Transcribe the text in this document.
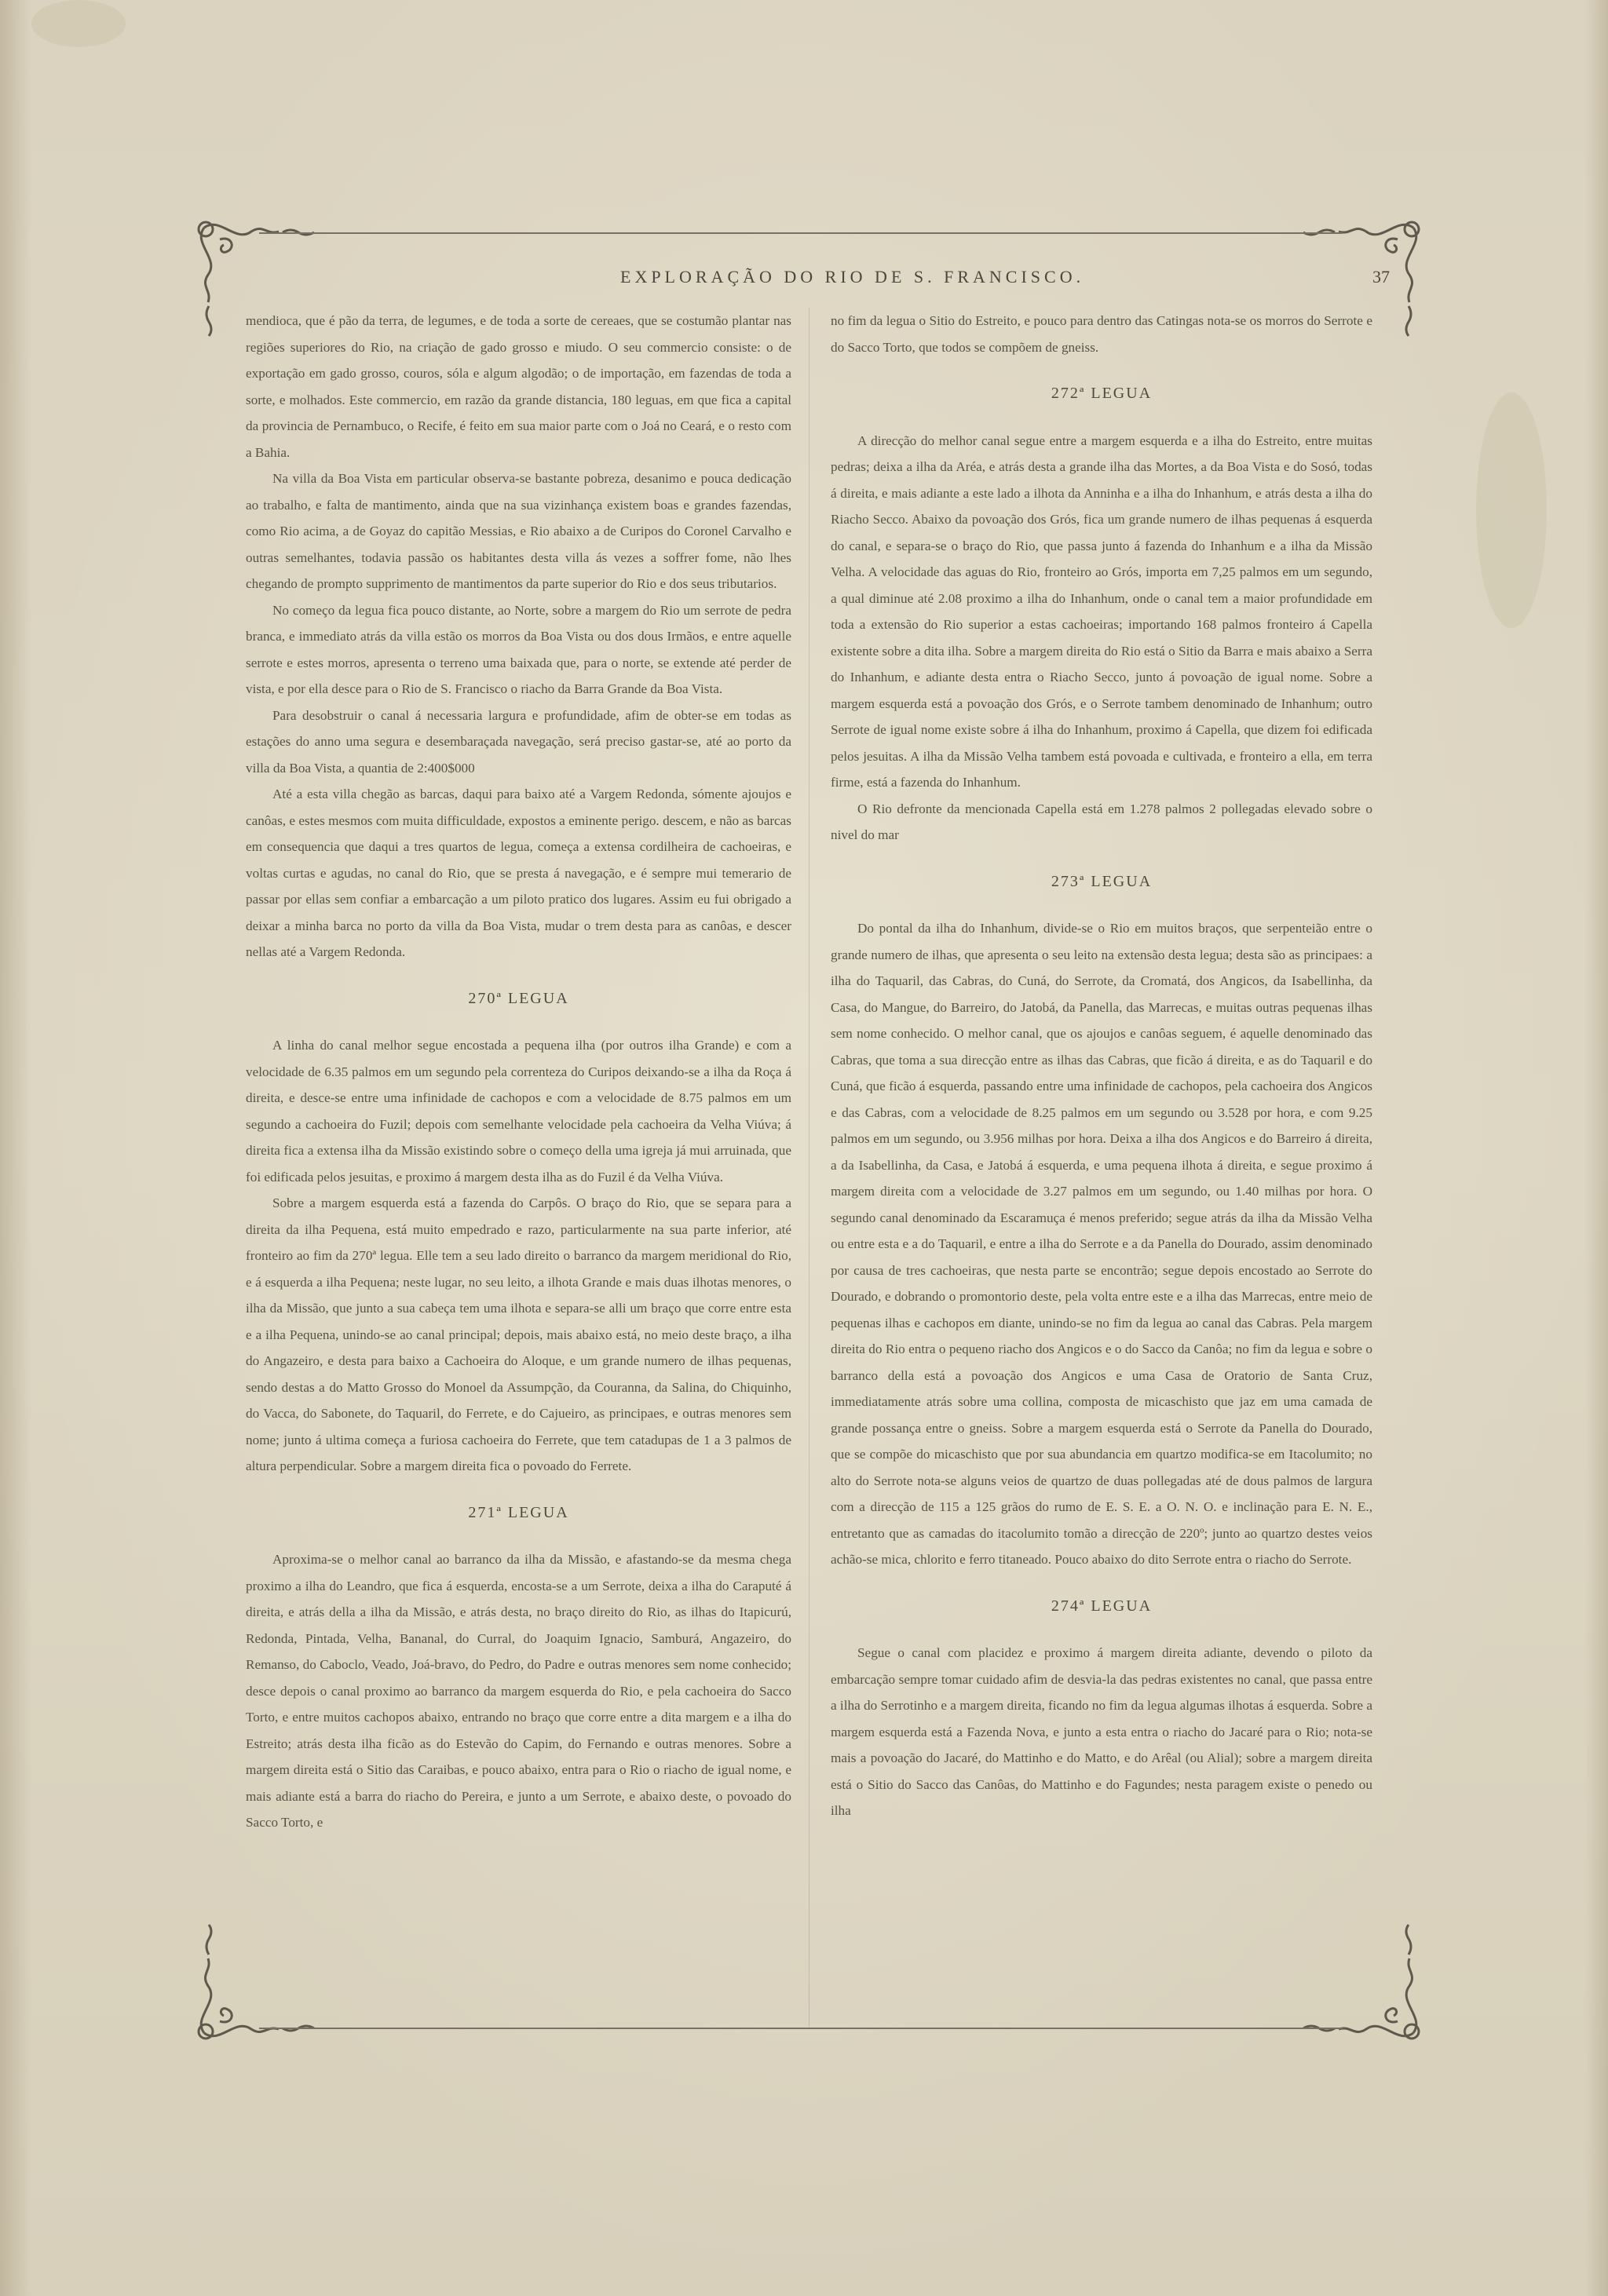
EXPLORAÇÃO DO RIO DE S. FRANCISCO.	37

mendioca, que é pão da terra, de legumes, e de toda a sorte de cereaes, que se costumão plantar nas regiões superiores do Rio, na criação de gado grosso e miudo. O seu commercio consiste: o de exportação em gado grosso, couros, sóla e algum algodão; o de importação, em fazendas de toda a sorte, e molhados. Este commercio, em razão da grande distancia, 180 leguas, em que fica a capital da provincia de Pernambuco, o Recife, é feito em sua maior parte com o Joá no Ceará, e o resto com a Bahia.

Na villa da Boa Vista em particular observa-se bastante pobreza, desanimo e pouca dedicação ao trabalho, e falta de mantimento, ainda que na sua vizinhança existem boas e grandes fazendas, como Rio acima, a de Goyaz do capitão Messias, e Rio abaixo a de Curipos do Coronel Carvalho e outras semelhantes, todavia passão os habitantes desta villa ás vezes a soffrer fome, não lhes chegando de prompto supprimento de mantimentos da parte superior do Rio e dos seus tributarios.

No começo da legua fica pouco distante, ao Norte, sobre a margem do Rio um serrote de pedra branca, e immediato atrás da villa estão os morros da Boa Vista ou dos dous Irmãos, e entre aquelle serrote e estes morros, apresenta o terreno uma baixada que, para o norte, se extende até perder de vista, e por ella desce para o Rio de S. Francisco o riacho da Barra Grande da Boa Vista.

Para desobstruir o canal á necessaria largura e profundidade, afim de obter-se em todas as estações do anno uma segura e desembaraçada navegação, será preciso gastar-se, até ao porto da villa da Boa Vista, a quantia de 2:400$000

Até a esta villa chegão as barcas, daqui para baixo até a Vargem Redonda, sómente ajoujos e canôas, e estes mesmos com muita difficuldade, expostos a eminente perigo. descem, e não as barcas em consequencia que daqui a tres quartos de legua, começa a extensa cordilheira de cachoeiras, e voltas curtas e agudas, no canal do Rio, que se presta á navegação, e é sempre mui temerario de passar por ellas sem confiar a embarcação a um piloto pratico dos lugares. Assim eu fui obrigado a deixar a minha barca no porto da villa da Boa Vista, mudar o trem desta para as canôas, e descer nellas até a Vargem Redonda.

270ª LEGUA

A linha do canal melhor segue encostada a pequena ilha (por outros ilha Grande) e com a velocidade de 6.35 palmos em um segundo pela correnteza do Curipos deixando-se a ilha da Roça á direita, e desce-se entre uma infinidade de cachopos e com a velocidade de 8.75 palmos em um segundo a cachoeira do Fuzil; depois com semelhante velocidade pela cachoeira da Velha Viúva; á direita fica a extensa ilha da Missão existindo sobre o começo della uma igreja já mui arruinada, que foi edificada pelos jesuitas, e proximo á margem desta ilha as do Fuzil é da Velha Viúva.

Sobre a margem esquerda está a fazenda do Carpôs. O braço do Rio, que se separa para a direita da ilha Pequena, está muito empedrado e razo, particularmente na sua parte inferior, até fronteiro ao fim da 270ª legua. Elle tem a seu lado direito o barranco da margem meridional do Rio, e á esquerda a ilha Pequena; neste lugar, no seu leito, a ilhota Grande e mais duas ilhotas menores, o ilha da Missão, que junto a sua cabeça tem uma ilhota e separa-se alli um braço que corre entre esta e a ilha Pequena, unindo-se ao canal principal; depois, mais abaixo está, no meio deste braço, a ilha do Angazeiro, e desta para baixo a Cachoeira do Aloque, e um grande numero de ilhas pequenas, sendo destas a do Matto Grosso do Monoel da Assumpção, da Couranna, da Salina, do Chiquinho, do Vacca, do Sabonete, do Taquaril, do Ferrete, e do Cajueiro, as principaes, e outras menores sem nome; junto á ultima começa a furiosa cachoeira do Ferrete, que tem catadupas de 1 a 3 palmos de altura perpendicular. Sobre a margem direita fica o povoado do Ferrete.

271ª LEGUA

Aproxima-se o melhor canal ao barranco da ilha da Missão, e afastando-se da mesma chega proximo a ilha do Leandro, que fica á esquerda, encosta-se a um Serrote, deixa a ilha do Caraputé á direita, e atrás della a ilha da Missão, e atrás desta, no braço direito do Rio, as ilhas do Itapicurú, Redonda, Pintada, Velha, Bananal, do Curral, do Joaquim Ignacio, Samburá, Angazeiro, do Remanso, do Caboclo, Veado, Joá-bravo, do Pedro, do Padre e outras menores sem nome conhecido; desce depois o canal proximo ao barranco da margem esquerda do Rio, e pela cachoeira do Sacco Torto, e entre muitos cachopos abaixo, entrando no braço que corre entre a dita margem e a ilha do Estreito; atrás desta ilha ficão as do Estevão do Capim, do Fernando e outras menores. Sobre a margem direita está o Sitio das Caraibas, e pouco abaixo, entra para o Rio o riacho de igual nome, e mais adiante está a barra do riacho do Pereira, e junto a um Serrote, e abaixo deste, o povoado do Sacco Torto, e

no fim da legua o Sitio do Estreito, e pouco para dentro das Catingas nota-se os morros do Serrote e do Sacco Torto, que todos se compõem de gneiss.

272ª LEGUA

A direcção do melhor canal segue entre a margem esquerda e a ilha do Estreito, entre muitas pedras; deixa a ilha da Aréa, e atrás desta a grande ilha das Mortes, a da Boa Vista e do Sosó, todas á direita, e mais adiante a este lado a ilhota da Anninha e a ilha do Inhanhum, e atrás desta a ilha do Riacho Secco. Abaixo da povoação dos Grós, fica um grande numero de ilhas pequenas á esquerda do canal, e separa-se o braço do Rio, que passa junto á fazenda do Inhanhum e a ilha da Missão Velha. A velocidade das aguas do Rio, fronteiro ao Grós, importa em 7,25 palmos em um segundo, a qual diminue até 2.08 proximo a ilha do Inhanhum, onde o canal tem a maior profundidade em toda a extensão do Rio superior a estas cachoeiras; importando 168 palmos fronteiro á Capella existente sobre a dita ilha. Sobre a margem direita do Rio está o Sitio da Barra e mais abaixo a Serra do Inhanhum, e adiante desta entra o Riacho Secco, junto á povoação de igual nome. Sobre a margem esquerda está a povoação dos Grós, e o Serrote tambem denominado de Inhanhum; outro Serrote de igual nome existe sobre á ilha do Inhanhum, proximo á Capella, que dizem foi edificada pelos jesuitas. A ilha da Missão Velha tambem está povoada e cultivada, e fronteiro a ella, em terra firme, está a fazenda do Inhanhum.

O Rio defronte da mencionada Capella está em 1.278 palmos 2 pollegadas elevado sobre o nivel do mar

273ª LEGUA

Do pontal da ilha do Inhanhum, divide-se o Rio em muitos braços, que serpenteião entre o grande numero de ilhas, que apresenta o seu leito na extensão desta legua; desta são as principaes: a ilha do Taquaril, das Cabras, do Cuná, do Serrote, da Cromatá, dos Angicos, da Isabellinha, da Casa, do Mangue, do Barreiro, do Jatobá, da Panella, das Marrecas, e muitas outras pequenas ilhas sem nome conhecido. O melhor canal, que os ajoujos e canôas seguem, é aquelle denominado das Cabras, que toma a sua direcção entre as ilhas das Cabras, que ficão á direita, e as do Taquaril e do Cuná, que ficão á esquerda, passando entre uma infinidade de cachopos, pela cachoeira dos Angicos e das Cabras, com a velocidade de 8.25 palmos em um segundo ou 3.528 por hora, e com 9.25 palmos em um segundo, ou 3.956 milhas por hora. Deixa a ilha dos Angicos e do Barreiro á direita, a da Isabellinha, da Casa, e Jatobá á esquerda, e uma pequena ilhota á direita, e segue proximo á margem direita com a velocidade de 3.27 palmos em um segundo, ou 1.40 milhas por hora. O segundo canal denominado da Escaramuça é menos preferido; segue atrás da ilha da Missão Velha ou entre esta e a do Taquaril, e entre a ilha do Serrote e a da Panella do Dourado, assim denominado por causa de tres cachoeiras, que nesta parte se encontrão; segue depois encostado ao Serrote do Dourado, e dobrando o promontorio deste, pela volta entre este e a ilha das Marrecas, entre meio de pequenas ilhas e cachopos em diante, unindo-se no fim da legua ao canal das Cabras. Pela margem direita do Rio entra o pequeno riacho dos Angicos e o do Sacco da Canôa; no fim da legua e sobre o barranco della está a povoação dos Angicos e uma Casa de Oratorio de Santa Cruz, immediatamente atrás sobre uma collina, composta de micaschisto que jaz em uma camada de grande possança entre o gneiss. Sobre a margem esquerda está o Serrote da Panella do Dourado, que se compõe do micaschisto que por sua abundancia em quartzo modifica-se em Itacolumito; no alto do Serrote nota-se alguns veios de quartzo de duas pollegadas até de dous palmos de largura com a direcção de 115 a 125 grãos do rumo de E. S. E. a O. N. O. e inclinação para E. N. E., entretanto que as camadas do itacolumito tomão a direcção de 220º; junto ao quartzo destes veios achão-se mica, chlorito e ferro titaneado. Pouco abaixo do dito Serrote entra o riacho do Serrote.

274ª LEGUA

Segue o canal com placidez e proximo á margem direita adiante, devendo o piloto da embarcação sempre tomar cuidado afim de desvia-la das pedras existentes no canal, que passa entre a ilha do Serrotinho e a margem direita, ficando no fim da legua algumas ilhotas á esquerda. Sobre a margem esquerda está a Fazenda Nova, e junto a esta entra o riacho do Jacaré para o Rio; nota-se mais a povoação do Jacaré, do Mattinho e do Matto, e do Arêal (ou Alial); sobre a margem direita está o Sitio do Sacco das Canôas, do Mattinho e do Fagundes; nesta paragem existe o penedo ou ilha
